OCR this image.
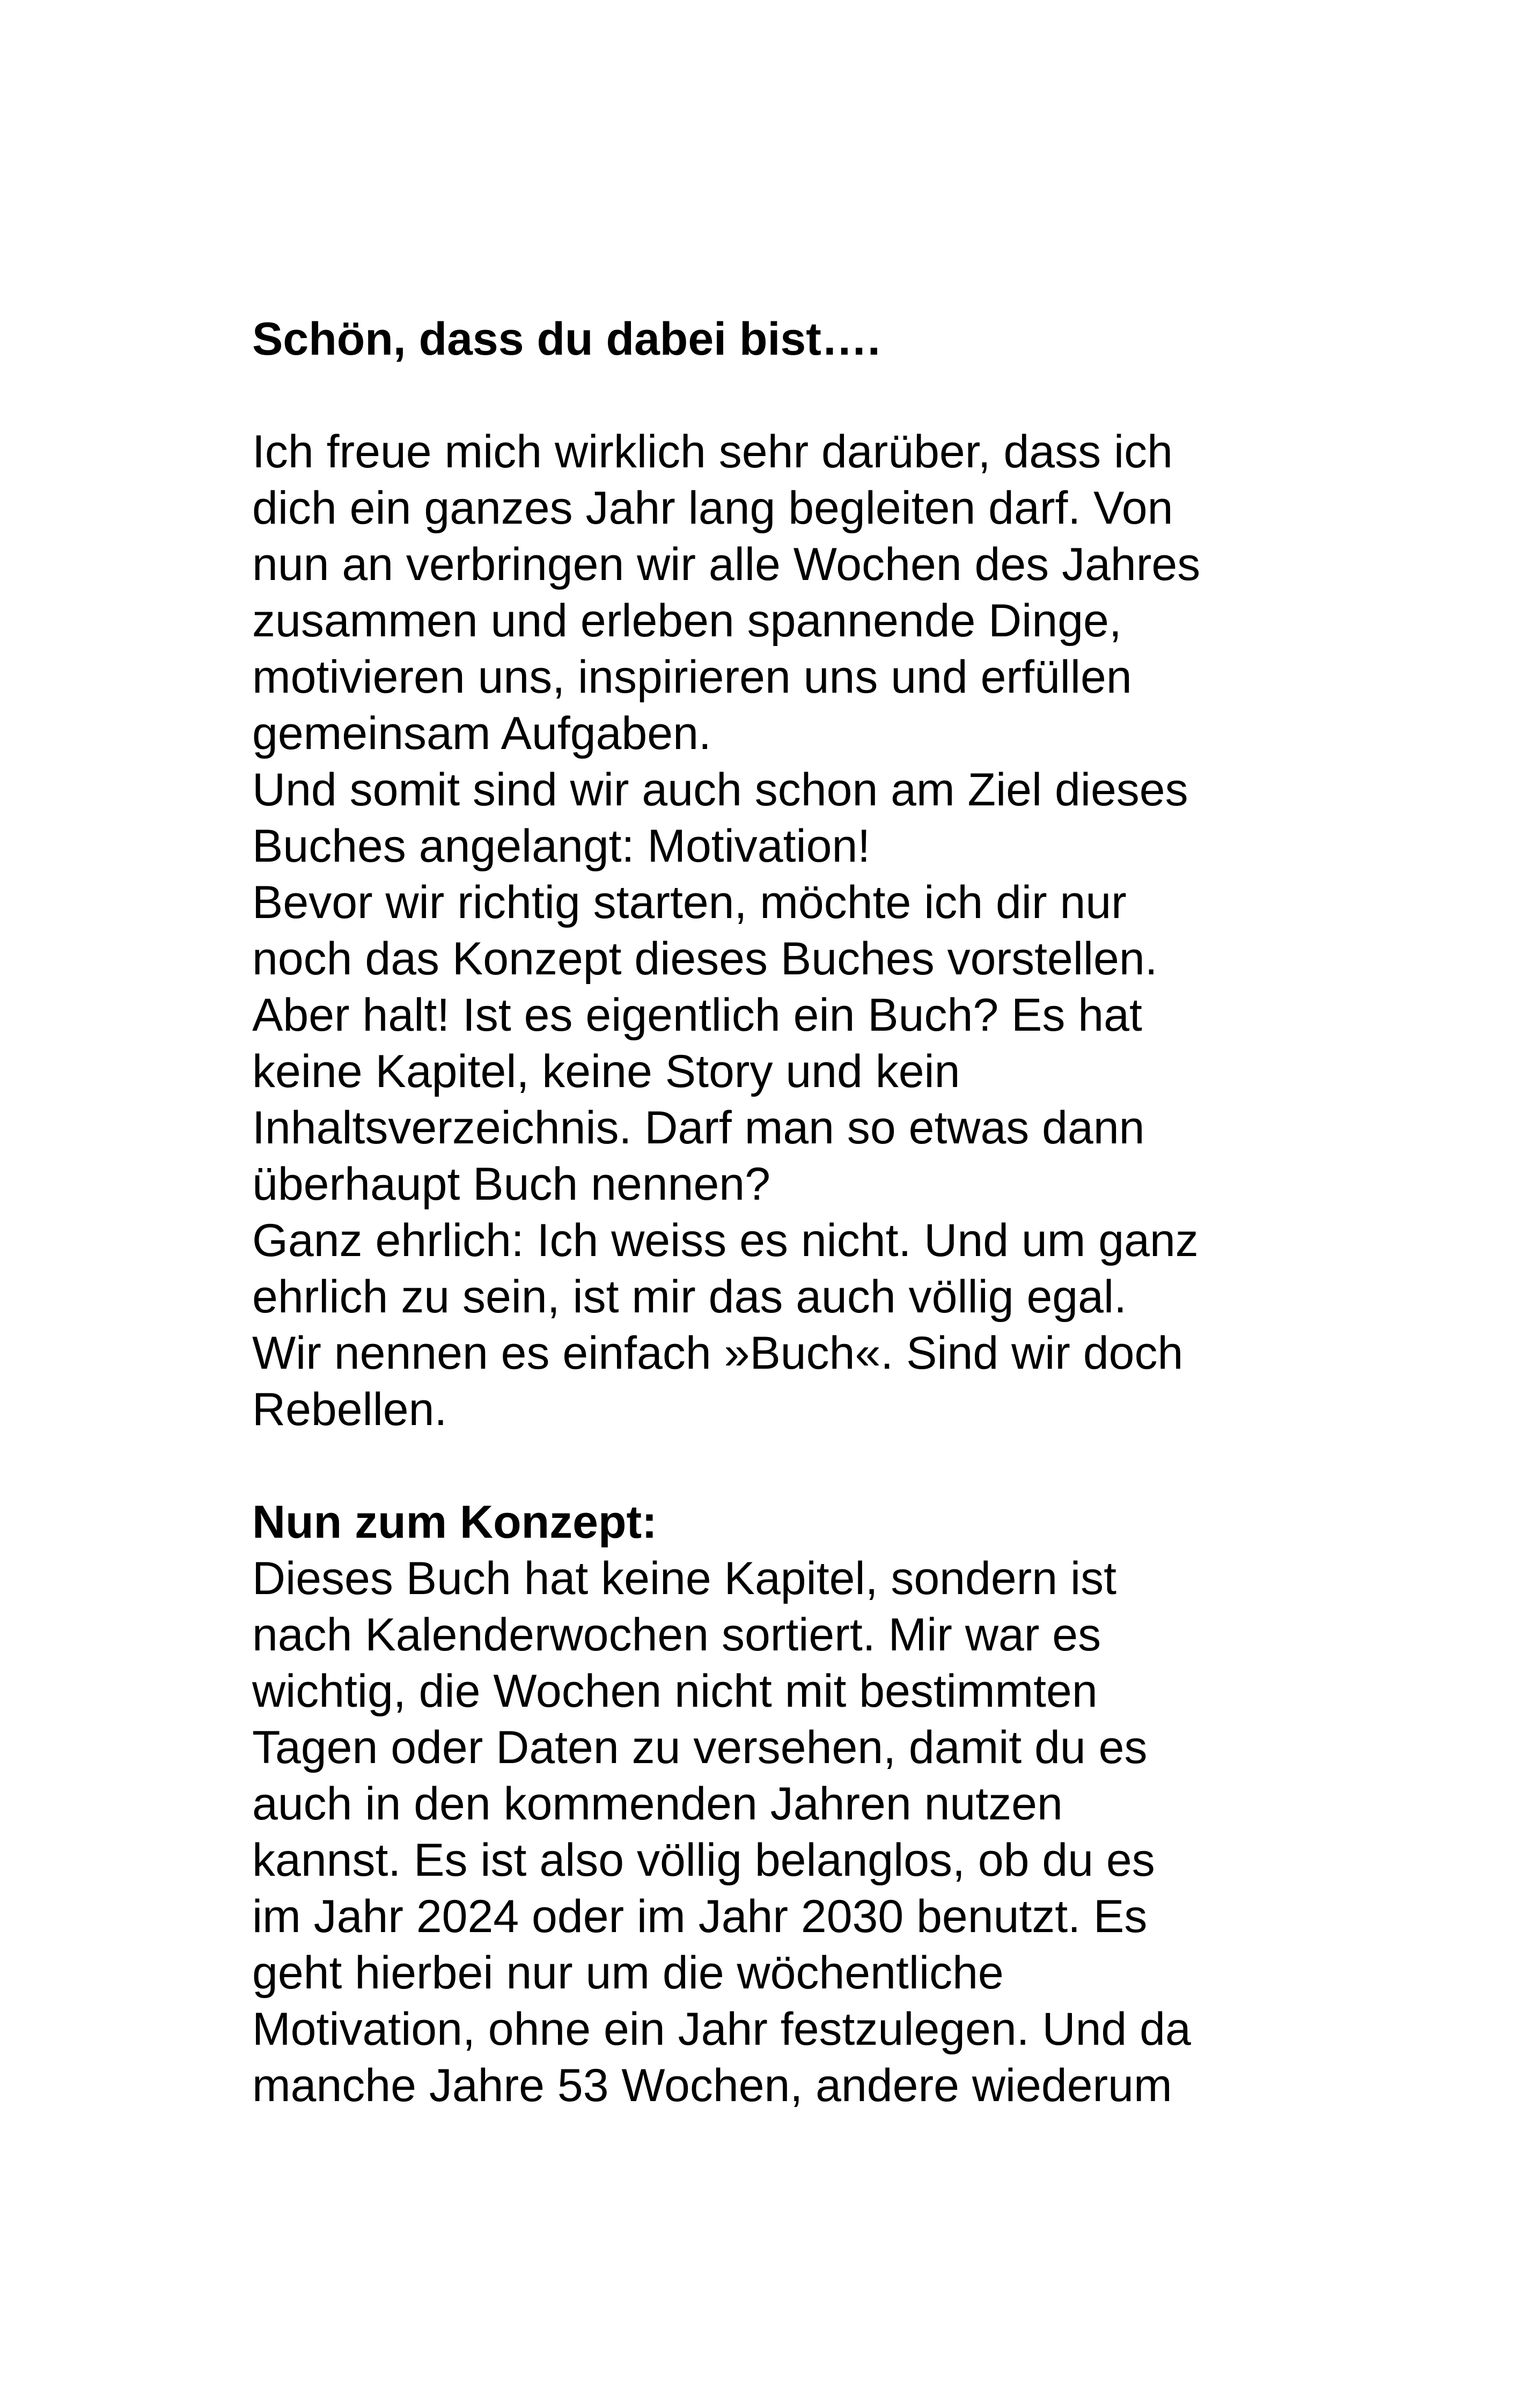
Schön, dass du dabei bist….

Ich freue mich wirklich sehr darüber, dass ich
dich ein ganzes Jahr lang begleiten darf. Von
nun an verbringen wir alle Wochen des Jahres
zusammen und erleben spannende Dinge,
motivieren uns, inspirieren uns und erfüllen
gemeinsam Aufgaben.
Und somit sind wir auch schon am Ziel dieses
Buches angelangt: Motivation!
Bevor wir richtig starten, möchte ich dir nur
noch das Konzept dieses Buches vorstellen.
Aber halt! Ist es eigentlich ein Buch? Es hat
keine Kapitel, keine Story und kein
Inhaltsverzeichnis. Darf man so etwas dann
überhaupt Buch nennen?
Ganz ehrlich: Ich weiss es nicht. Und um ganz
ehrlich zu sein, ist mir das auch völlig egal.
Wir nennen es einfach »Buch«. Sind wir doch
Rebellen.

Nun zum Konzept:

Dieses Buch hat keine Kapitel, sondern ist
nach Kalenderwochen sortiert. Mir war es
wichtig, die Wochen nicht mit bestimmten
Tagen oder Daten zu versehen, damit du es
auch in den kommenden Jahren nutzen
kannst. Es ist also völlig belanglos, ob du es
im Jahr 2024 oder im Jahr 2030 benutzt. Es
geht hierbei nur um die wöchentliche
Motivation, ohne ein Jahr festzulegen. Und da
manche Jahre 53 Wochen, andere wiederum
